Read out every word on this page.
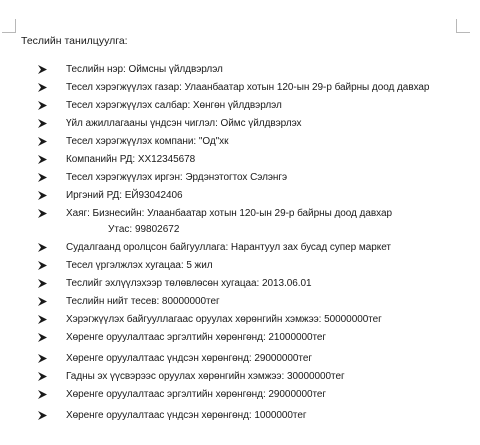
Теслийн танилцуулга:
Теслийн нэр: Оймсны үйлдвэрлэл
Тесел хэрэгжүүлэх газар: Улаанбаатар хотын 120-ын 29-р байрны доод давхар
Тесел хэрэгжүүлэх салбар: Хөнгөн үйлдвэрлэл
Үйл ажиллагааны үндсэн чиглэл: Оймс үйлдвэрлэх
Тесел хэрэгжүүлэх компани: "Од"хк
Компанийн РД: ХХ12345678
Тесел хэрэгжүүлэх иргэн: Эрдэнэтогтох Сэлэнгэ
Иргэний РД: ЕЙ93042406
Хаяг: Бизнесийн: Улаанбаатар хотын 120-ын 29-р байрны доод давхар
Судалгаанд оролцсон байгууллага: Нарантуул зах бусад супер маркет
Тесел үргэлжлэх хугацаа: 5 жил
Теслийг эхлүүлэхээр төлөвлөсөн хугацаа: 2013.06.01
Теслийн нийт тесев: 80000000тег
Хэрэгжүүлэх байгууллагаас оруулах хөрөнгийн хэмжээ: 50000000тег
Хөренге оруулалтаас эргэлтийн хөрөнгөнд: 21000000тег
Хөренге оруулалтаас үндсэн хөрөнгөнд: 29000000тег
Гадны эх үүсвэрээс оруулах хөрөнгийн хэмжээ: 30000000тег
Хөренге оруулалтаас эргэлтийн хөрөнгөнд: 29000000тег
Хөренге оруулалтаас үндсэн хөрөнгөнд: 1000000тег
Утас: 99802672
